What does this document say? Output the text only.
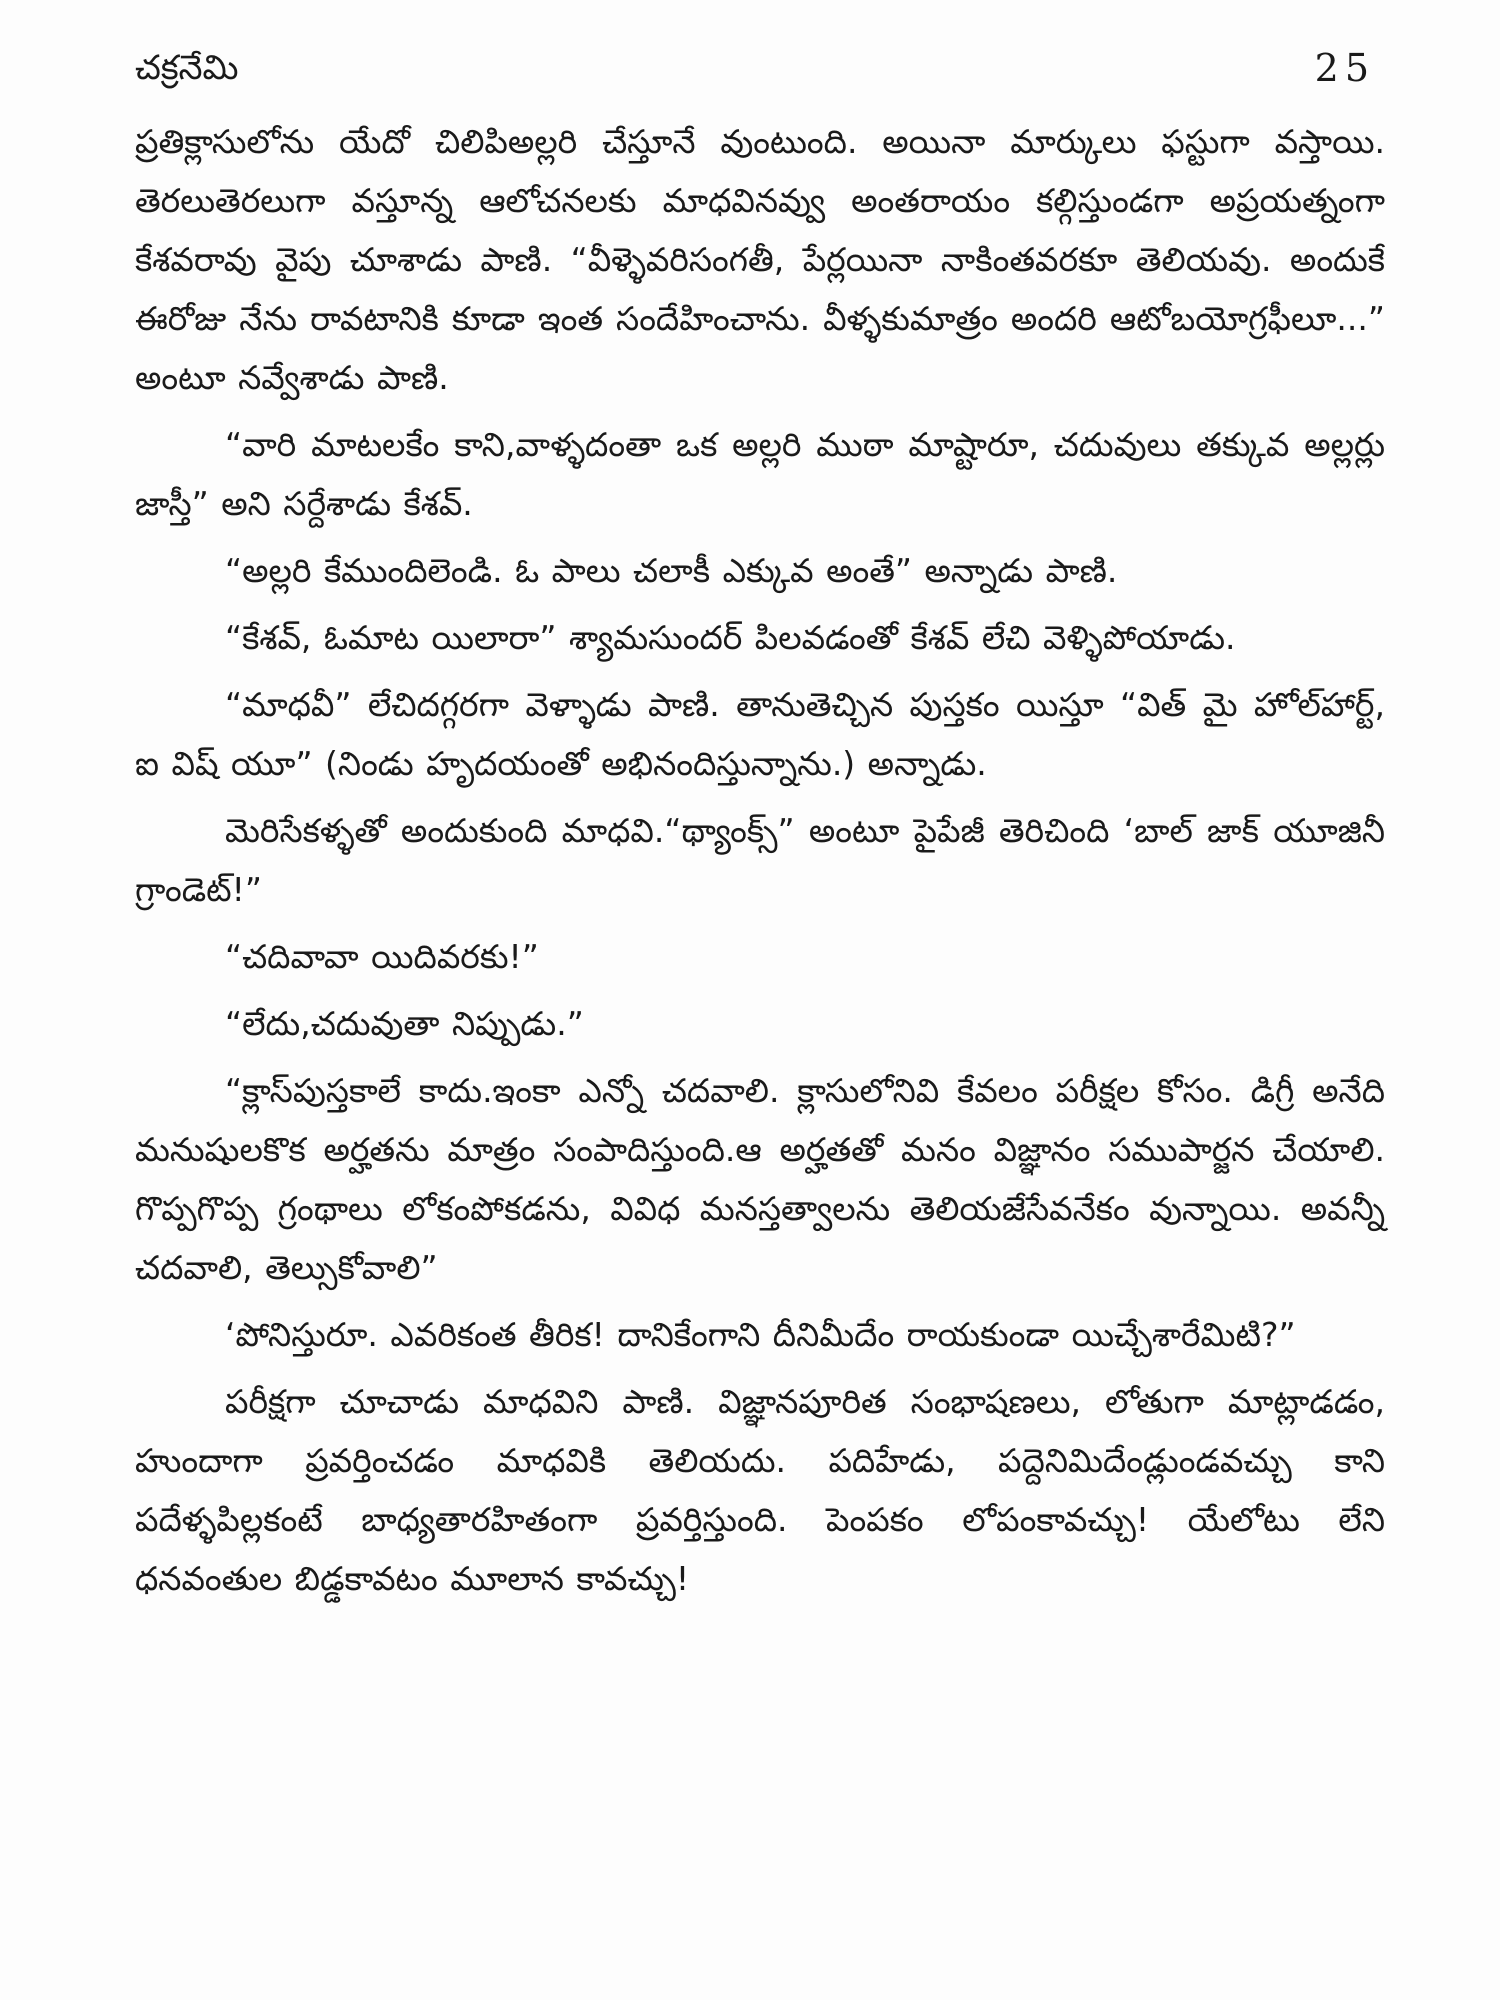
చక్రనేమి	25

ప్రతిక్లాసులోను యేదో చిలిపిఅల్లరి చేస్తూనే వుంటుంది. అయినా మార్కులు ఫస్టుగా వస్తాయి. తెరలుతెరలుగా వస్తూన్న ఆలోచనలకు మాధవినవ్వు అంతరాయం కల్గిస్తుండగా అప్రయత్నంగా కేశవరావు వైపు చూశాడు పాణి. “వీళ్ళెవరిసంగతీ, పేర్లయినా నాకింతవరకూ తెలియవు. అందుకే ఈరోజు నేను రావటానికి కూడా ఇంత సందేహించాను. వీళ్ళకుమాత్రం అందరి ఆటోబయోగ్రఫీలూ...” అంటూ నవ్వేశాడు పాణి.

“వారి మాటలకేం కాని,వాళ్ళదంతా ఒక అల్లరి ముఠా మాష్టారూ, చదువులు తక్కువ అల్లర్లు జాస్తీ” అని సర్దేశాడు కేశవ్.

“అల్లరి కేముందిలెండి. ఓ పాలు చలాకీ ఎక్కువ అంతే” అన్నాడు పాణి.

“కేశవ్, ఓమాట యిలారా” శ్యామసుందర్ పిలవడంతో కేశవ్ లేచి వెళ్ళిపోయాడు.

“మాధవీ” లేచిదగ్గరగా వెళ్ళాడు పాణి. తానుతెచ్చిన పుస్తకం యిస్తూ “విత్ మై హోల్‌హార్ట్, ఐ విష్ యూ” (నిండు హృదయంతో అభినందిస్తున్నాను.) అన్నాడు.

మెరిసేకళ్ళతో అందుకుంది మాధవి.“థ్యాంక్స్” అంటూ పైపేజీ తెరిచింది ‘బాల్ జాక్ యూజినీ గ్రాండెట్!”

“చదివావా యిదివరకు!”

“లేదు,చదువుతా నిప్పుడు.”

“క్లాస్‌పుస్తకాలే కాదు.ఇంకా ఎన్నో చదవాలి. క్లాసులోనివి కేవలం పరీక్షల కోసం. డిగ్రీ అనేది మనుషులకొక అర్హతను మాత్రం సంపాదిస్తుంది.ఆ అర్హతతో మనం విజ్ఞానం సముపార్జన చేయాలి. గొప్పగొప్ప గ్రంథాలు లోకంపోకడను, వివిధ మనస్తత్వాలను తెలియజేసేవనేకం వున్నాయి. అవన్నీ చదవాలి, తెల్సుకోవాలి”

‘పోనిస్తురూ. ఎవరికంత తీరిక! దానికేంగాని దీనిమీదేం రాయకుండా యిచ్చేశారేమిటి?”

పరీక్షగా చూచాడు మాధవిని పాణి. విజ్ఞానపూరిత సంభాషణలు, లోతుగా మాట్లాడడం, హుందాగా ప్రవర్తించడం మాధవికి తెలియదు. పదిహేడు, పద్దెనిమిదేండ్లుండవచ్చు కాని పదేళ్ళపిల్లకంటే బాధ్యతారహితంగా ప్రవర్తిస్తుంది. పెంపకం లోపంకావచ్చు! యేలోటు లేని ధనవంతుల బిడ్డకావటం మూలాన కావచ్చు!
